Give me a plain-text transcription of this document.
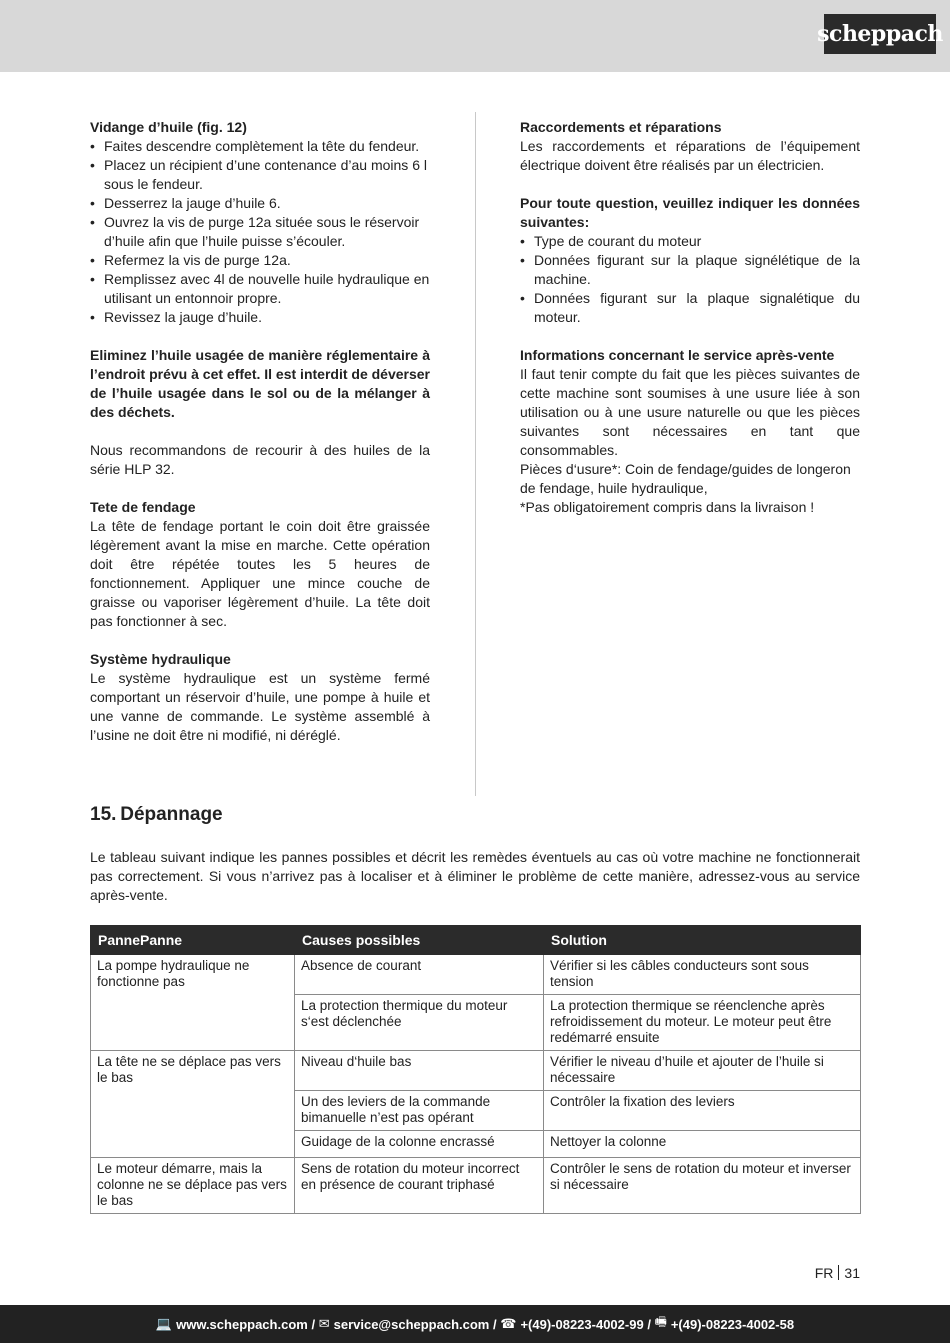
scheppach

Vidange d’huile (fig. 12)

• Faites descendre complètement la tête du fendeur.
• Placez un récipient d’une contenance d’au moins 6 l sous le fendeur.
• Desserrez la jauge d’huile 6.
• Ouvrez la vis de purge 12a située sous le réservoir d’huile afin que l’huile puisse s’écouler.
• Refermez la vis de purge 12a.
• Remplissez avec 4l de nouvelle huile hydraulique en utilisant un entonnoir propre.
• Revissez la jauge d’huile.

Eliminez l’huile usagée de manière réglementaire à l’endroit prévu à cet effet. Il est interdit de déverser de l’huile usagée dans le sol ou de la mélanger à des déchets.

Nous recommandons de recourir à des huiles de la série HLP 32.

Tete de fendage

La tête de fendage portant le coin doit être graissée légèrement avant la mise en marche. Cette opération doit être répétée toutes les 5 heures de fonctionnement. Appliquer une mince couche de graisse ou vaporiser légèrement d’huile. La tête doit pas fonctionner à sec.

Système hydraulique

Le système hydraulique est un système fermé comportant un réservoir d’huile, une pompe à huile et une vanne de commande. Le système assemblé à l’usine ne doit être ni modifié, ni déréglé.

Raccordements et réparations

Les raccordements et réparations de l’équipement électrique doivent être réalisés par un électricien.

Pour toute question, veuillez indiquer les données suivantes:

• Type de courant du moteur
• Données figurant sur la plaque signélétique de la machine.
• Données figurant sur la plaque signalétique du moteur.

Informations concernant le service après-vente

Il faut tenir compte du fait que les pièces suivantes de cette machine sont soumises à une usure liée à son utilisation ou à une usure naturelle ou que les pièces suivantes sont nécessaires en tant que consommables.

Pièces d‘usure*: Coin de fendage/guides de longeron de fendage, huile hydraulique,

*Pas obligatoirement compris dans la livraison !

15. Dépannage

Le tableau suivant indique les pannes possibles et décrit les remèdes éventuels au cas où votre machine ne fonctionnerait pas correctement. Si vous n’arrivez pas à localiser et à éliminer le problème de cette manière, adressez-vous au service après-vente.

PannePanne	Causes possibles	Solution
La pompe hydraulique ne fonctionne pas	Absence de courant	Vérifier si les câbles conducteurs sont sous tension
	La protection thermique du moteur s‘est déclenchée	La protection thermique se réenclenche après refroidissement du moteur. Le moteur peut être redémarré ensuite
La tête ne se déplace pas vers le bas	Niveau d‘huile bas	Vérifier le niveau d’huile et ajouter de l’huile si nécessaire
	Un des leviers de la commande bimanuelle n’est pas opérant	Contrôler la fixation des leviers
	Guidage de la colonne encrassé	Nettoyer la colonne
Le moteur démarre, mais la colonne ne se déplace pas vers le bas	Sens de rotation du moteur incorrect en présence de courant triphasé	Contrôler le sens de rotation du moteur et inverser si nécessaire
FR 31
💻 www.scheppach.com
/
✉ service@scheppach.com
/
☎ +(49)-08223-4002-99
/
🖷 +(49)-08223-4002-58
